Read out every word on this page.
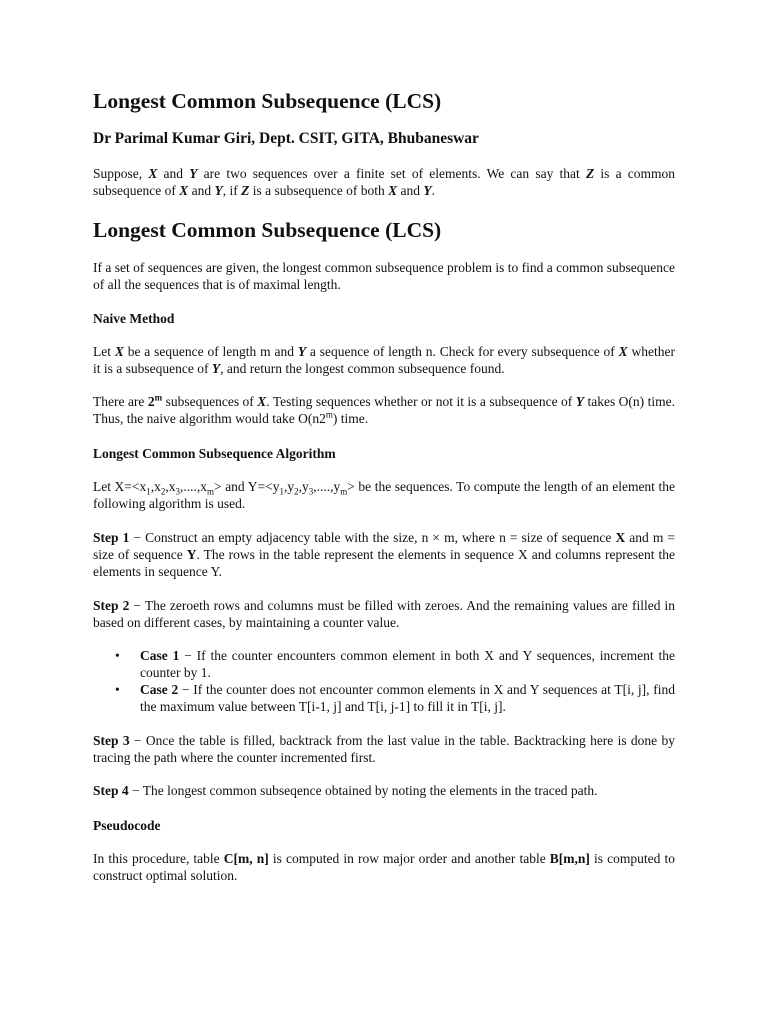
Longest Common Subsequence (LCS)
Dr Parimal Kumar Giri, Dept. CSIT, GITA, Bhubaneswar
Suppose, X and Y are two sequences over a finite set of elements. We can say that Z is a common subsequence of X and Y, if Z is a subsequence of both X and Y.
Longest Common Subsequence (LCS)
If a set of sequences are given, the longest common subsequence problem is to find a common subsequence of all the sequences that is of maximal length.
Naive Method
Let X be a sequence of length m and Y a sequence of length n. Check for every subsequence of X whether it is a subsequence of Y, and return the longest common subsequence found.
There are 2$^m$ subsequences of X. Testing sequences whether or not it is a subsequence of Y takes O(n) time. Thus, the naive algorithm would take O(n2$^m$) time.
Longest Common Subsequence Algorithm
Let $X=<x_1,x_2,x_3,....,x_m>$ and $Y=<y_1,y_2,y_3,....,y_m>$ be the sequences. To compute the length of an element the following algorithm is used.
Step 1 − Construct an empty adjacency table with the size, n × m, where n = size of sequence X and m = size of sequence Y. The rows in the table represent the elements in sequence X and columns represent the elements in sequence Y.
Step 2 − The zeroeth rows and columns must be filled with zeroes. And the remaining values are filled in based on different cases, by maintaining a counter value.
• Case 1 − If the counter encounters common element in both X and Y sequences, increment the counter by 1.
• Case 2 − If the counter does not encounter common elements in X and Y sequences at T[i, j], find the maximum value between T[i-1, j] and T[i, j-1] to fill it in T[i, j].
Step 3 − Once the table is filled, backtrack from the last value in the table. Backtracking here is done by tracing the path where the counter incremented first.
Step 4 − The longest common subseqence obtained by noting the elements in the traced path.
Pseudocode
In this procedure, table C[m, n] is computed in row major order and another table B[m,n] is computed to construct optimal solution.
